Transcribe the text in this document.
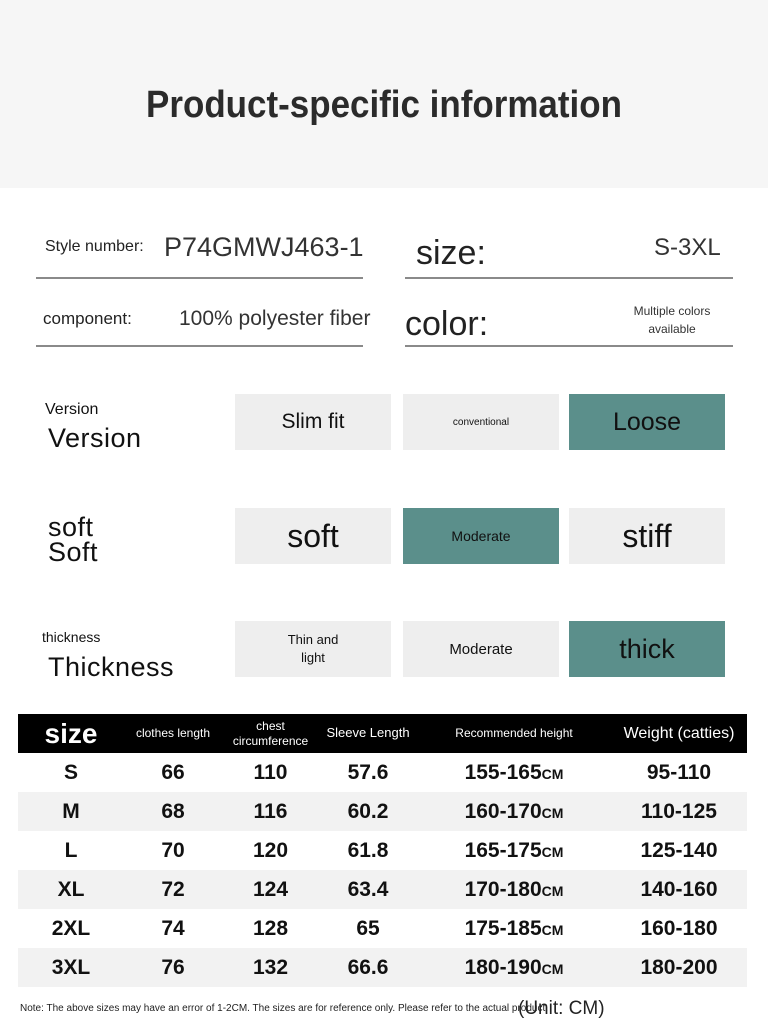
Product-specific information
Style number: P74GMWJ463-1 size:	S-3XL
component: 100% polyester fiber color:	Multiple colors available
Version
Version
Slim fit	conventional	Loose
soft
Soft	soft	Moderate	stiff
thickness
Thickness
Thin and light	Moderate	thick
size	clothes length	chest circumference	Sleeve Length	Recommended height	Weight (catties)
S	66	110	57.6	155-165CM	95-110
M	68	116	60.2	160-170CM	110-125
L	70	120	61.8	165-175CM	125-140
XL	72	124	63.4	170-180CM	140-160
2XL	74	128	65	175-185CM	160-180
3XL	76	132	66.6	180-190CM	180-200
Note: The above sizes may have an error of 1-2CM. The sizes are for reference only. Please refer to the actual product.
(Unit: CM)
